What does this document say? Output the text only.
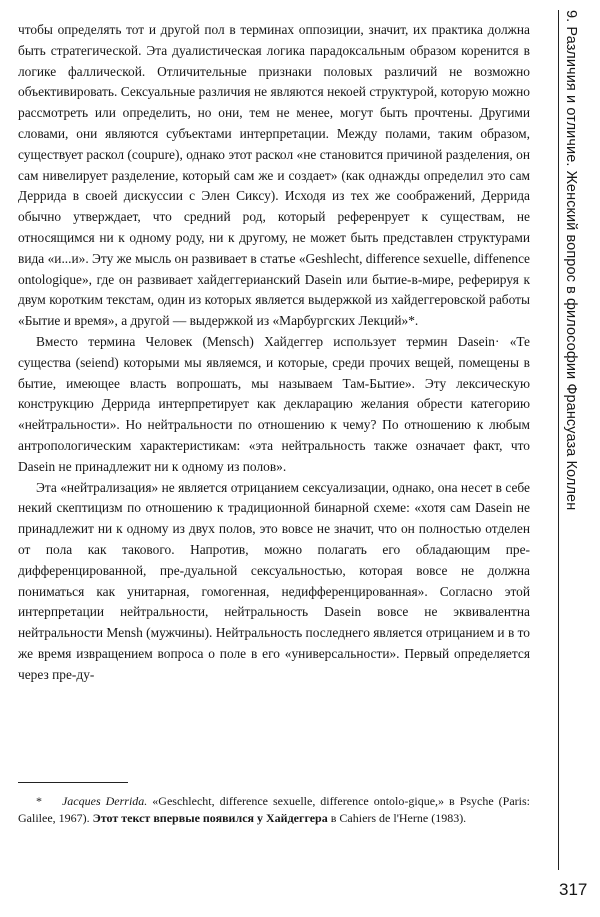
чтобы определять тот и другой пол в терминах оппозиции, значит, их практика должна быть стратегической. Эта дуалистическая логика парадоксальным образом коренится в логике фаллической. Отличительные признаки половых различий не возможно объективировать. Сексуальные различия не являются некоей структурой, которую можно рассмотреть или определить, но они, тем не менее, могут быть прочтены. Другими словами, они являются субъектами интерпретации. Между полами, таким образом, существует раскол (coupure), однако этот раскол «не становится причиной разделения, он сам нивелирует разделение, который сам же и создает» (как однажды определил это сам Деррида в своей дискуссии с Элен Сиксу). Исходя из тех же соображений, Деррида обычно утверждает, что средний род, который референрует к существам, не относящимся ни к одному роду, ни к другому, не может быть представлен структурами вида «и...и». Эту же мысль он развивает в статье «Geshlecht, difference sexuelle, diffenence ontologique», где он развивает хайдеггерианский Dasein или бытие-в-мире, реферируя к двум коротким текстам, один из которых является выдержкой из хайдеггеровской работы «Бытие и время», а другой — выдержкой из «Марбургских Лекций»*.

Вместо термина Человек (Mensch) Хайдеггер использует термин Dasein· «Те существа (seiend) которыми мы являемся, и которые, среди прочих вещей, помещены в бытие, имеющее власть вопрошать, мы называем Там-Бытие». Эту лексическую конструкцию Деррида интерпретирует как декларацию желания обрести категорию «нейтральности». Но нейтральности по отношению к чему? По отношению к любым антропологическим характеристикам: «эта нейтральность также означает факт, что Dasein не принадлежит ни к одному из полов».

Эта «нейтрализация» не является отрицанием сексуализации, однако, она несет в себе некий скептицизм по отношению к традиционной бинарной схеме: «хотя сам Dasein не принадлежит ни к одному из двух полов, это вовсе не значит, что он полностью отделен от пола как такового. Напротив, можно полагать его обладающим пре-дифференцированной, пре-дуальной сексуальностью, которая вовсе не должна пониматься как унитарная, гомогенная, недифференцированная». Согласно этой интерпретации нейтральности, нейтральность Dasein вовсе не эквивалентна нейтральности Mensh (мужчины). Нейтральность последнего является отрицанием и в то же время извращением вопроса о поле в его «универсальности». Первый определяется через пре-ду-

* Jacques Derrida. «Geschlecht, difference sexuelle, difference ontolo-gique,» в Psyche (Paris: Galilee, 1967). Этот текст впервые появился у Хайдеггера в Cahiers de l'Herne (1983).

9. Различия и отличие. Женский вопрос в философии Франсуаза Коллен
317
